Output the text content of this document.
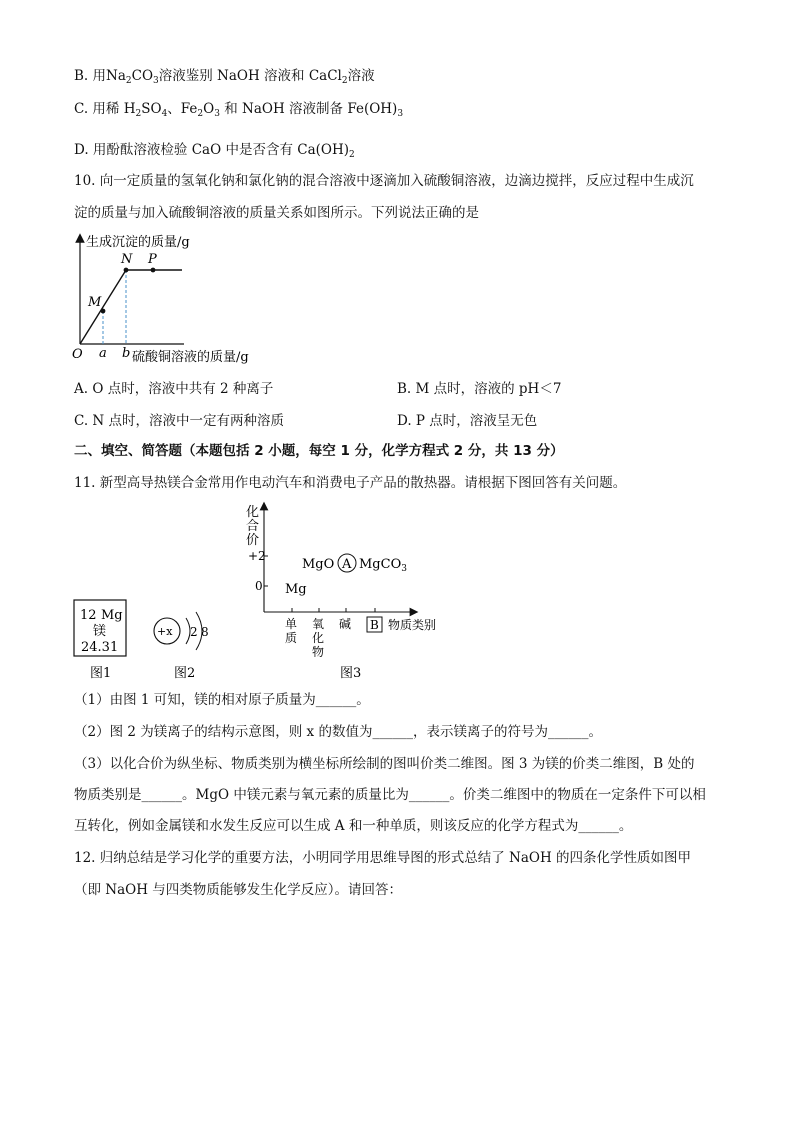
B. 用$Na_2CO_3$溶液鉴别 NaOH 溶液和 CaCl$_2$溶液
C. 用稀 $H_2SO_4$、$Fe_2O_3$ 和 NaOH 溶液制备 $Fe(OH)_3$
D. 用酚酞溶液检验 CaO 中是否含有 $Ca(OH)_2$
10. 向一定质量的氢氧化钠和氯化钠的混合溶液中逐滴加入硫酸铜溶液，边滴边搅拌，反应过程中生成沉
淀的质量与加入硫酸铜溶液的质量关系如图所示。下列说法正确的是
生成沉淀的质量/g
硫酸铜溶液的质量/g
M
N P
O a b
A. O 点时，溶液中共有 2 种离子	B. M 点时，溶液的 pH＜7
C. N 点时，溶液中一定有两种溶质	D. P 点时，溶液呈无色
二、填空、简答题（本题包括 2 小题，每空 1 分，化学方程式 2 分，共 13 分）
11. 新型高导热镁合金常用作电动汽车和消费电子产品的散热器。请根据下图回答有关问题。
12 Mg
镁
24.31
图1
+x 2 8
图2
化
合
价
+2
0
MgO A MgCO$_3$
Mg
单
质
氧
化
物
碱 B 物质类别
图3
（1）由图 1 可知，镁的相对原子质量为______。
（2）图 2 为镁离子的结构示意图，则 x 的数值为______，表示镁离子的符号为______。
（3）以化合价为纵坐标、物质类别为横坐标所绘制的图叫价类二维图。图 3 为镁的价类二维图，B 处的
物质类别是______。MgO 中镁元素与氧元素的质量比为______。价类二维图中的物质在一定条件下可以相
互转化，例如金属镁和水发生反应可以生成 A 和一种单质，则该反应的化学方程式为______。
12. 归纳总结是学习化学的重要方法，小明同学用思维导图的形式总结了 NaOH 的四条化学性质如图甲
（即 NaOH 与四类物质能够发生化学反应）。请回答：
